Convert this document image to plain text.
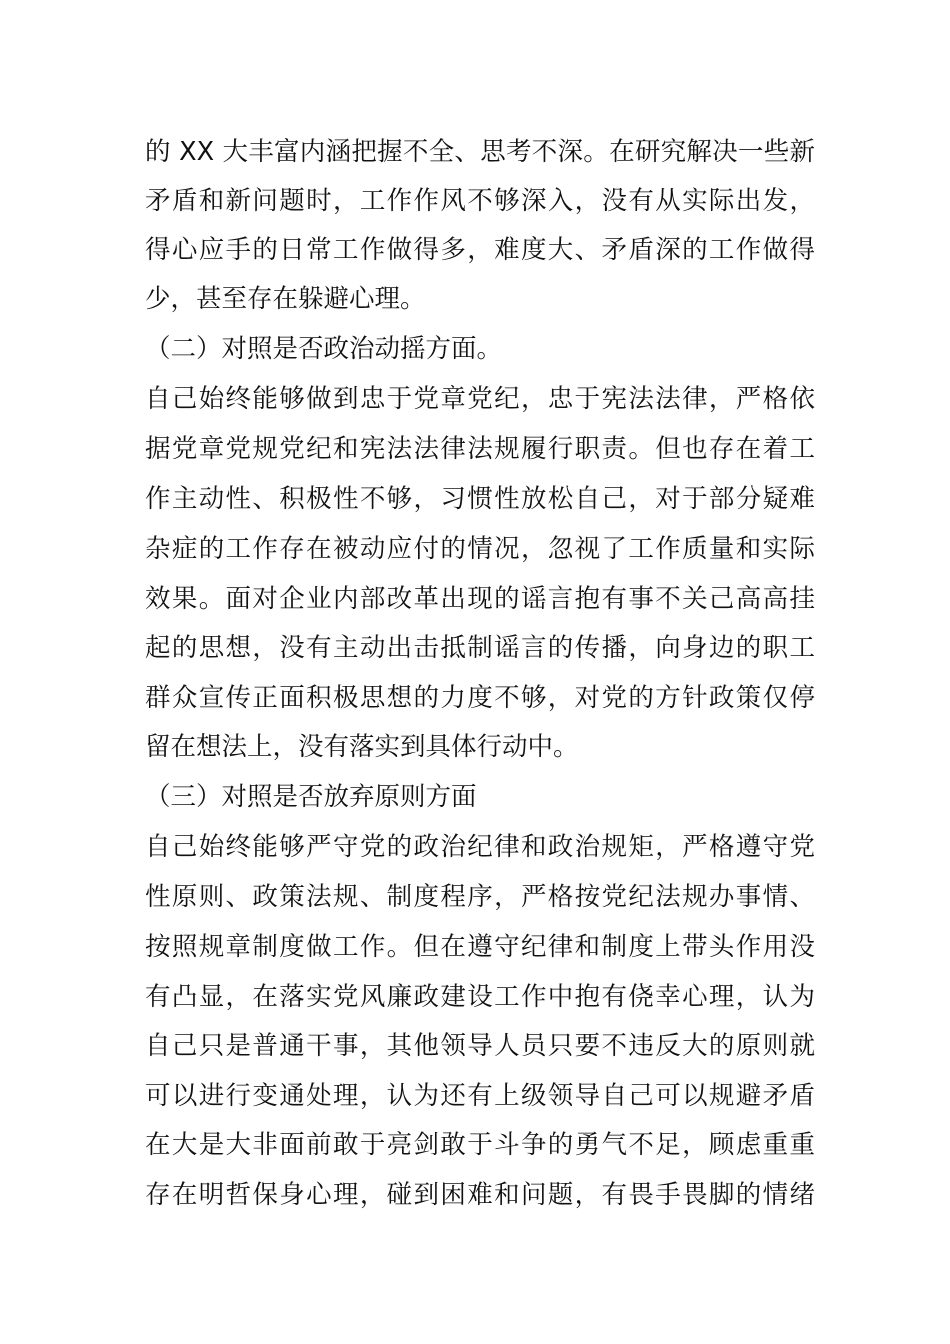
的 XX 大丰富内涵把握不全、思考不深。在研究解决一些新
矛盾和新问题时，工作作风不够深入，没有从实际出发，
得心应手的日常工作做得多，难度大、矛盾深的工作做得
少，甚至存在躲避心理。
（二）对照是否政治动摇方面。
自己始终能够做到忠于党章党纪，忠于宪法法律，严格依
据党章党规党纪和宪法法律法规履行职责。但也存在着工
作主动性、积极性不够，习惯性放松自己，对于部分疑难
杂症的工作存在被动应付的情况，忽视了工作质量和实际
效果。面对企业内部改革出现的谣言抱有事不关己高高挂
起的思想，没有主动出击抵制谣言的传播，向身边的职工
群众宣传正面积极思想的力度不够，对党的方针政策仅停
留在想法上，没有落实到具体行动中。
（三）对照是否放弃原则方面
自己始终能够严守党的政治纪律和政治规矩，严格遵守党
性原则、政策法规、制度程序，严格按党纪法规办事情、
按照规章制度做工作。但在遵守纪律和制度上带头作用没
有凸显，在落实党风廉政建设工作中抱有侥幸心理，认为
自己只是普通干事，其他领导人员只要不违反大的原则就
可以进行变通处理，认为还有上级领导自己可以规避矛盾
在大是大非面前敢于亮剑敢于斗争的勇气不足，顾虑重重
存在明哲保身心理，碰到困难和问题，有畏手畏脚的情绪
